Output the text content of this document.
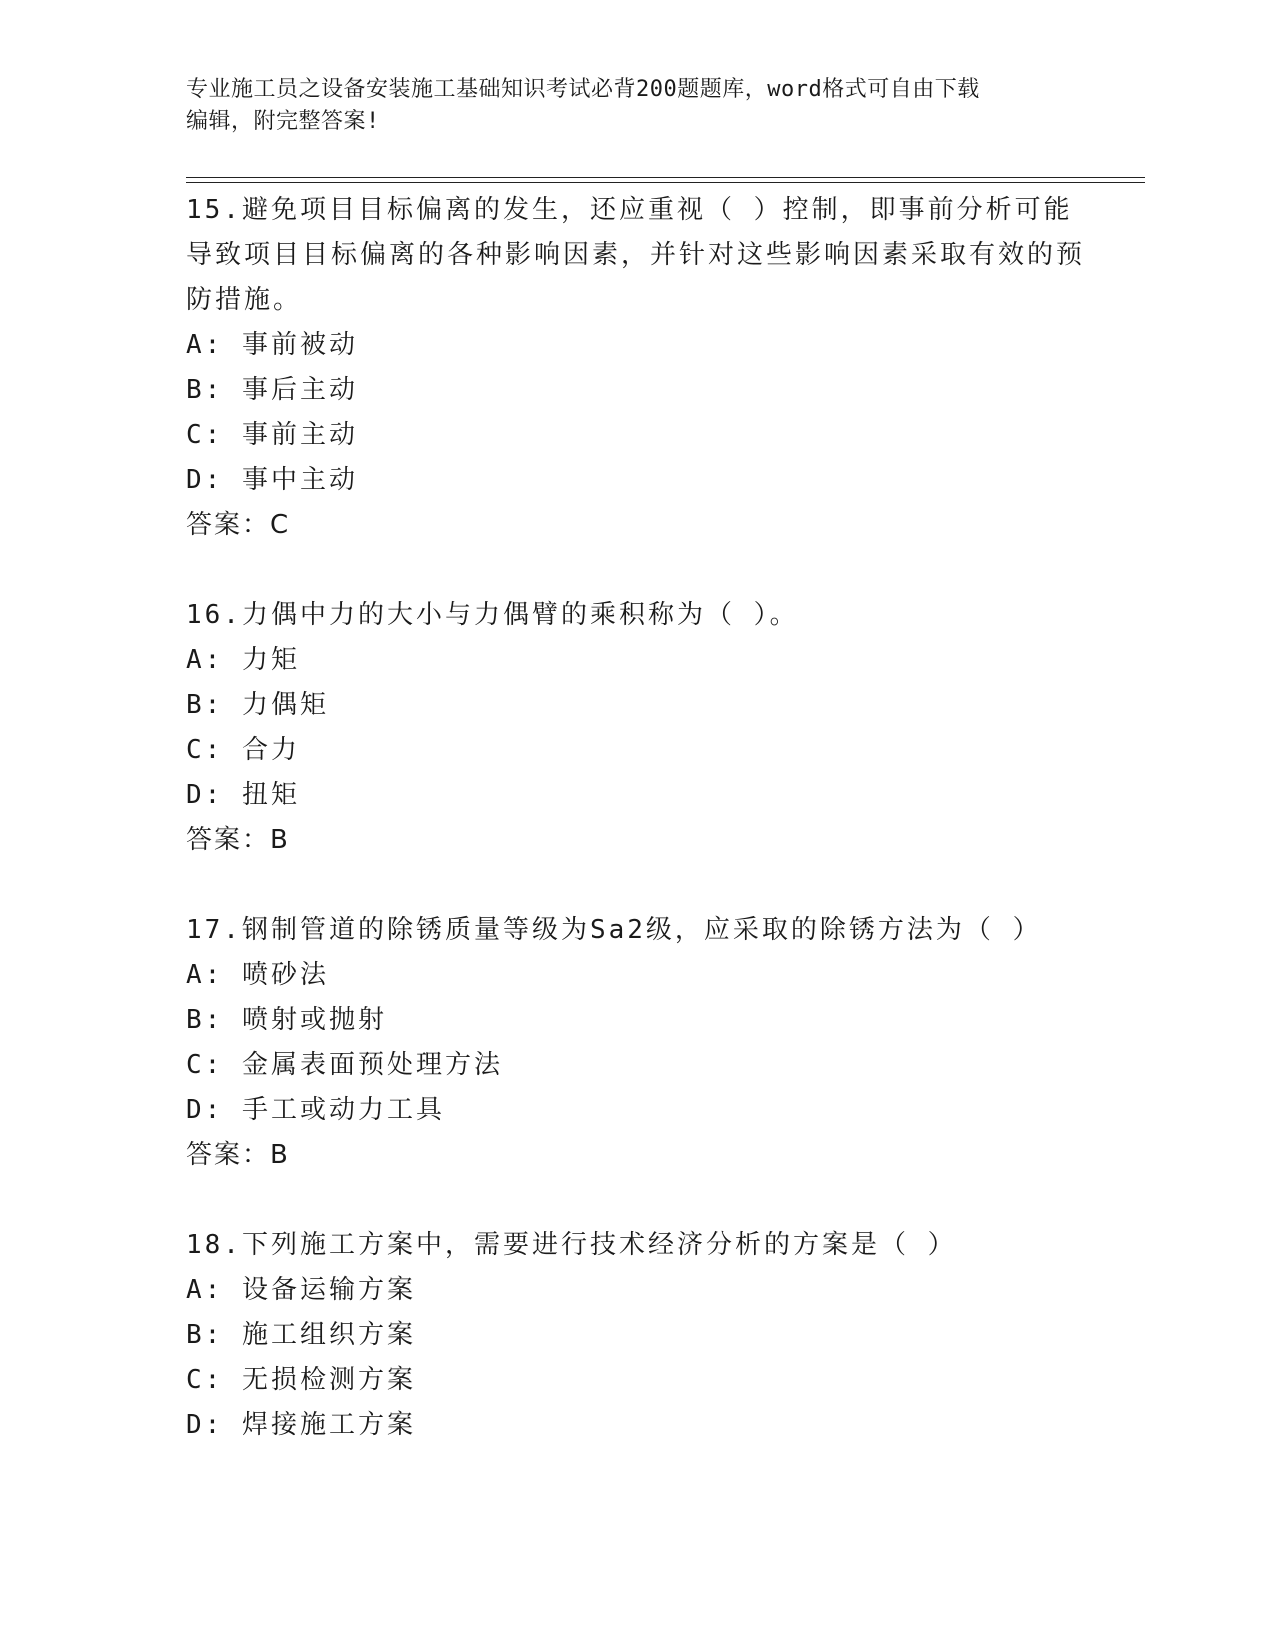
专业施工员之设备安装施工基础知识考试必背200题题库，word格式可自由下载
编辑，附完整答案!
15.避免项目目标偏离的发生，还应重视（ ）控制，即事前分析可能导致项目目标偏离的各种影响因素，并针对这些影响因素采取有效的预防措施。
A: 事前被动
B: 事后主动
C: 事前主动
D: 事中主动
答案：C
16.力偶中力的大小与力偶臂的乘积称为（ ）。
A: 力矩
B: 力偶矩
C: 合力
D: 扭矩
答案：B
17.钢制管道的除锈质量等级为Sa2级，应采取的除锈方法为（ ）
A: 喷砂法
B: 喷射或抛射
C: 金属表面预处理方法
D: 手工或动力工具
答案：B
18.下列施工方案中，需要进行技术经济分析的方案是（ ）
A: 设备运输方案
B: 施工组织方案
C: 无损检测方案
D: 焊接施工方案
